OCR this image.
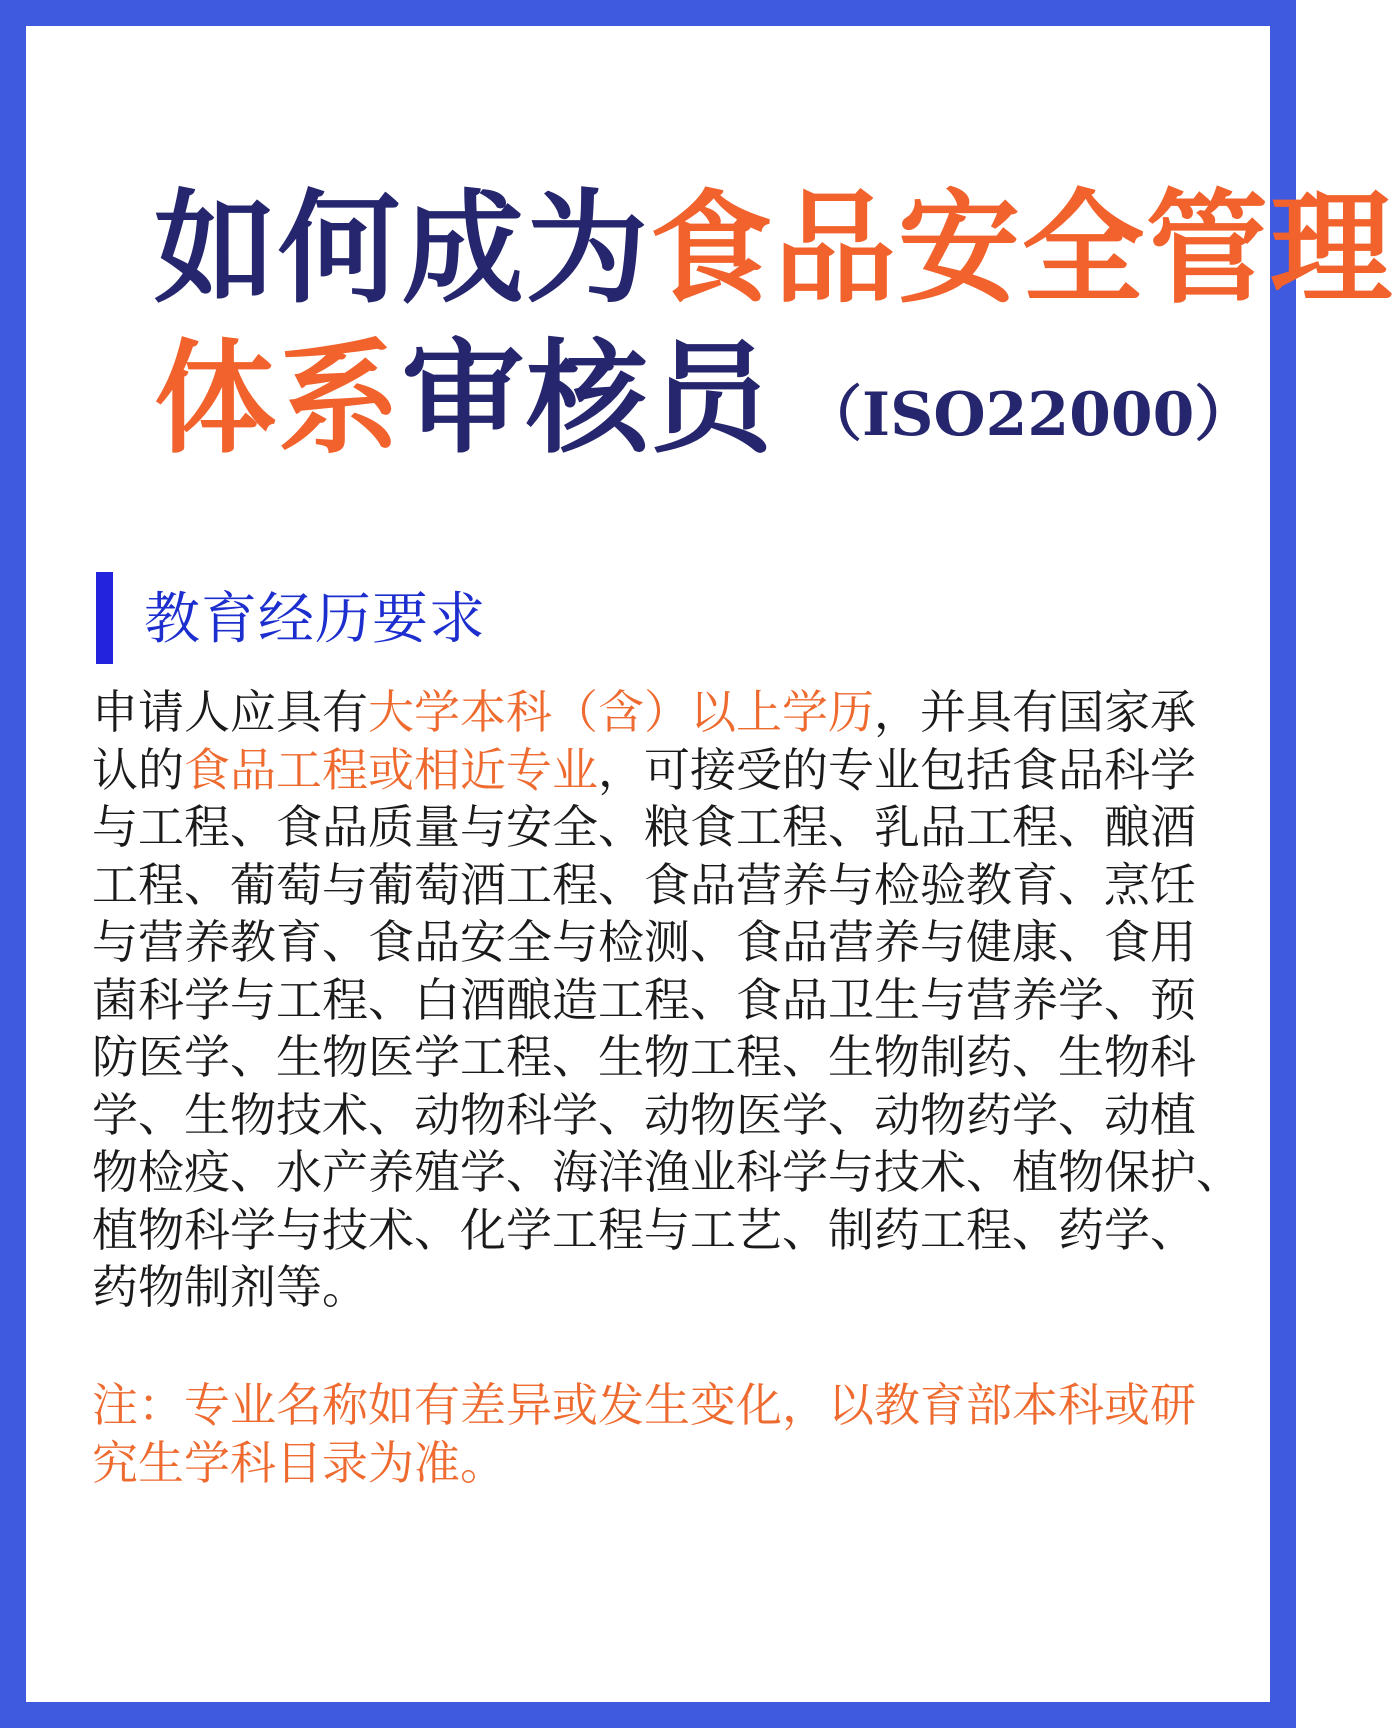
如何成为食品安全管理
体系审核员 （ISO22000）
教育经历要求
申请人应具有大学本科（含）以上学历，并具有国家承
认的食品工程或相近专业，可接受的专业包括食品科学
与工程、食品质量与安全、粮食工程、乳品工程、酿酒
工程、葡萄与葡萄酒工程、食品营养与检验教育、烹饪
与营养教育、食品安全与检测、食品营养与健康、食用
菌科学与工程、白酒酿造工程、食品卫生与营养学、预
防医学、生物医学工程、生物工程、生物制药、生物科
学、生物技术、动物科学、动物医学、动物药学、动植
物检疫、水产养殖学、海洋渔业科学与技术、植物保护、
植物科学与技术、化学工程与工艺、制药工程、药学、
药物制剂等。
注：专业名称如有差异或发生变化，以教育部本科或研
究生学科目录为准。
